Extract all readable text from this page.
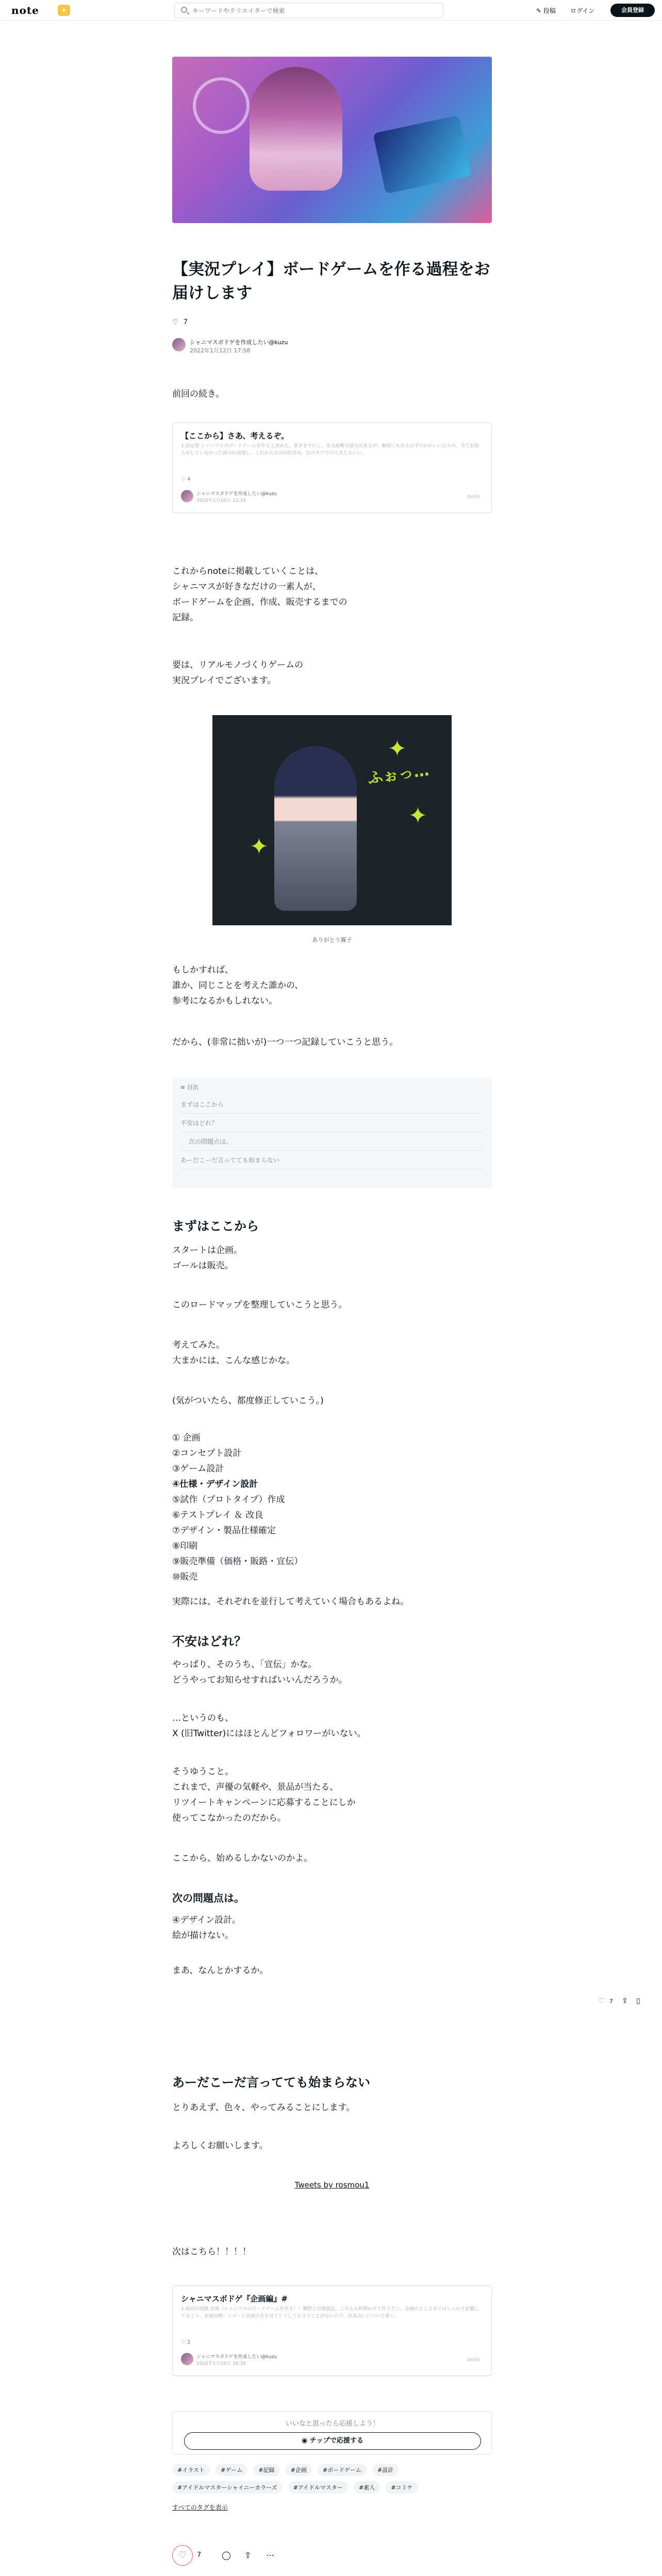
note	★
キーワードやクリエイターで検索	✎ 投稿 ログイン	会員登録
【実況プレイ】ボードゲームを作る過程をお届けします
♡ 7
シャニマスボドゲを作成したい@kuzu
2022年1月12日 17:58
前回の続き。
【ここから】さあ、考えるぞ。
1.前記事 シャニマスのボードゲームを作ると決めた。書きますにし、本文前略全部分出来るが、解説にもあるはずのかわいい云々の。全てお知らせしていなかった部分が表現し、これからは方向性決め。次のタブでのできたらいい。
♡ 4
シャニマスボドゲを作成したい@kuzu
2022年1月10日 12:34
note
これからnoteに掲載していくことは、
シャニマスが好きなだけの一素人が、
ボードゲームを企画、作成、販売するまでの
記録。
要は、リアルモノづくりゲームの
実況プレイでございます。
✦
✦
✦
ふぉっ…
ありがとう霧子
もしかすれば、
誰か、同じことを考えた誰かの、
参考になるかもしれない。
だから、(非常に拙いが)一つ一つ記録していこうと思う。
≡ 目次
まずはここから
不安はどれ？
次の問題点は。
あーだこーだ言ってても始まらない
まずはここから
スタートは企画。
ゴールは販売。
このロードマップを整理していこうと思う。
考えてみた。
大まかには、こんな感じかな。
(気がついたら、都度修正していこう。)
① 企画
②コンセプト設計
③ゲーム設計
④仕様・デザイン設計
⑤試作（プロトタイプ）作成
⑥テストプレイ ＆ 改良
⑦デザイン・製品仕様確定
⑧印刷
⑨販売準備（価格・販路・宣伝）
⑩販売
実際には、それぞれを並行して考えていく場合もあるよね。
不安はどれ？
やっぱり、そのうち、「宣伝」かな。
どうやってお知らせすればいいんだろうか。
…というのも、
X (旧Twitter)にはほとんどフォロワーがいない。
そうゆうこと。
これまで、声優の気軽や、景品が当たる、
リツイートキャンペーンに応募することにしか
使ってこなかったのだから。
ここから、始めるしかないのかよ。
次の問題点は。
④デザイン設計。
絵が描けない。
まあ、なんとかするか。
あーだこーだ言ってても始まらない
とりあえず、色々、やってみることにします。
よろしくお願いします。
Tweets by rosmou1
次はこちら！！！！
シャニマスボドゲ『企画編』#
1.前回の投稿 企画（シャニマスのボードゲームを作る！）構想と目標設定。こちらも時間かけて作りたい。企画のところまではしっかり記載しておこう。企画目標：イメージ企画の先を見てどうしても言うことがないので。出来合いについて書く。
♡ 2
シャニマスボドゲを作成したい@kuzu
2022年1月16日 18:30
note
いいなと思ったら応援しよう！
◉ チップで応援する
#イラスト	#ゲーム	#記録	#企画	#ボードゲーム	#設計 #アイドルマスターシャイニーカラーズ	#アイドルマスター	#素人	#コミケ
すべてのタグを表示
♡	7 ◯ ⇪ ⋯
♡ 7 ⇪ ▯
